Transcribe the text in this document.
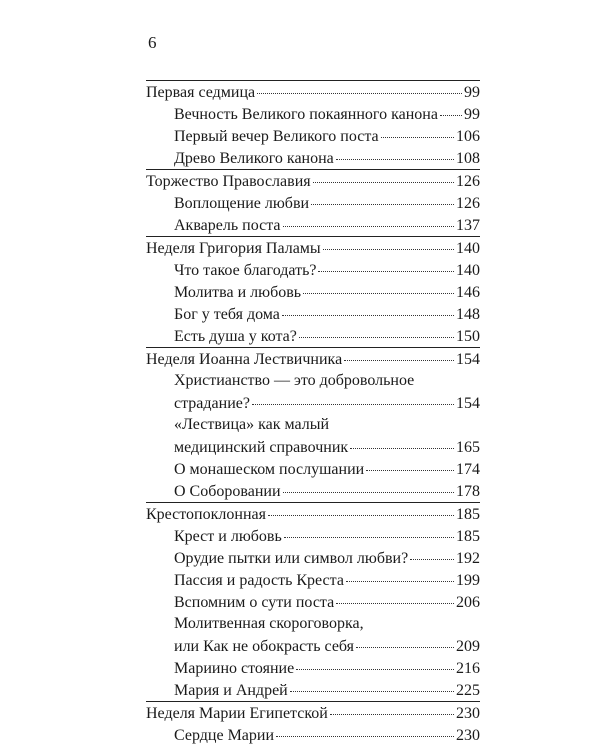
6
Первая седмица	99
Вечность Великого покаянного канона 99
Первый вечер Великого поста	106
Древо Великого канона	108
Торжество Православия	126
Воплощение любви	126
Акварель поста	137
Неделя Григория Паламы	140
Что такое благодать?	140
Молитва и любовь	146
Бог у тебя дома	148
Есть душа у кота?	150
Неделя Иоанна Лествичника	154
Христианство — это добровольное
страдание?	154
«Лествица» как малый
медицинский справочник	165
О монашеском послушании	174
О Соборовании	178
Крестопоклонная	185
Крест и любовь	185
Орудие пытки или символ любви?	192
Пассия и радость Креста	199
Вспомним о сути поста	206
Молитвенная скороговорка,
или Как не обокрасть себя	209
Мариино стояние	216
Мария и Андрей	225
Неделя Марии Египетской	230
Сердце Марии	230
